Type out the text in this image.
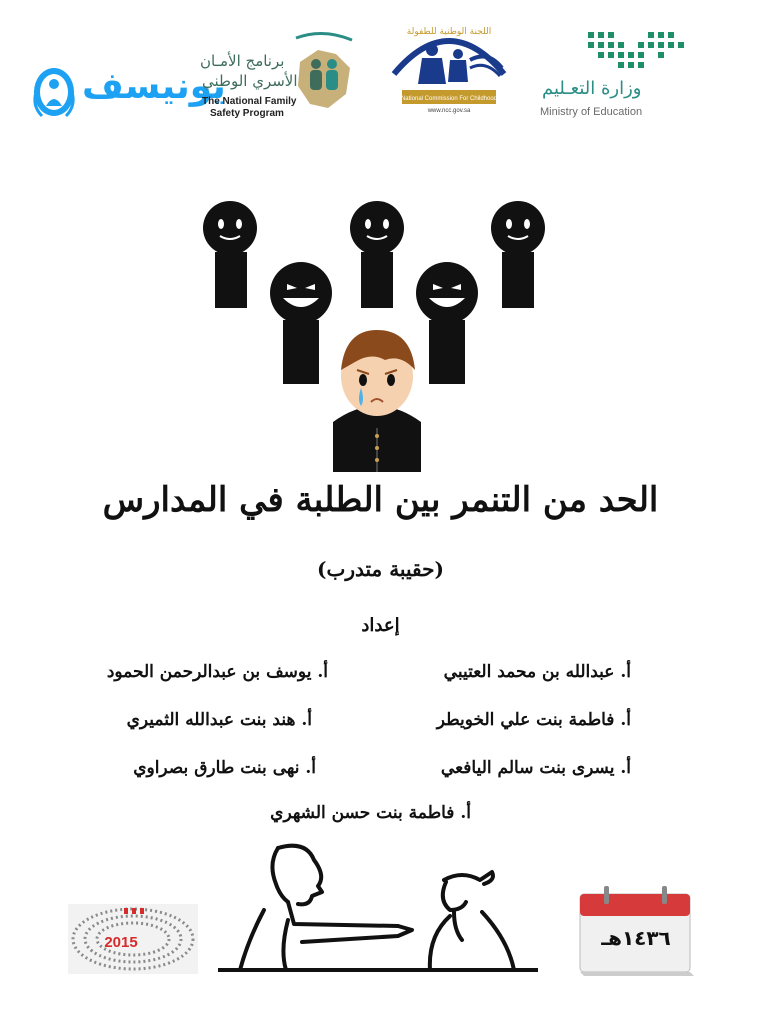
يونيسف
برنامج الأمـان
الأسري الوطني
The National Family
Safety Program
اللجنة الوطنية للطفولة
National Commission For Childhood
www.ncc.gov.sa
وزارة التعـليم
Ministry of Education
الحد من التنمر بين الطلبة في المدارس
(حقيبة متدرب)
إعداد
أ. عبدالله بن محمد العتيبي
أ. يوسف بن عبدالرحمن الحمود
أ. فاطمة بنت علي الخويطر
أ. هند بنت عبدالله الثميري
أ. يسرى بنت سالم اليافعي
أ. نهى بنت طارق بصراوي
أ. فاطمة بنت حسن الشهري
2015	١٤٣٦هـ
